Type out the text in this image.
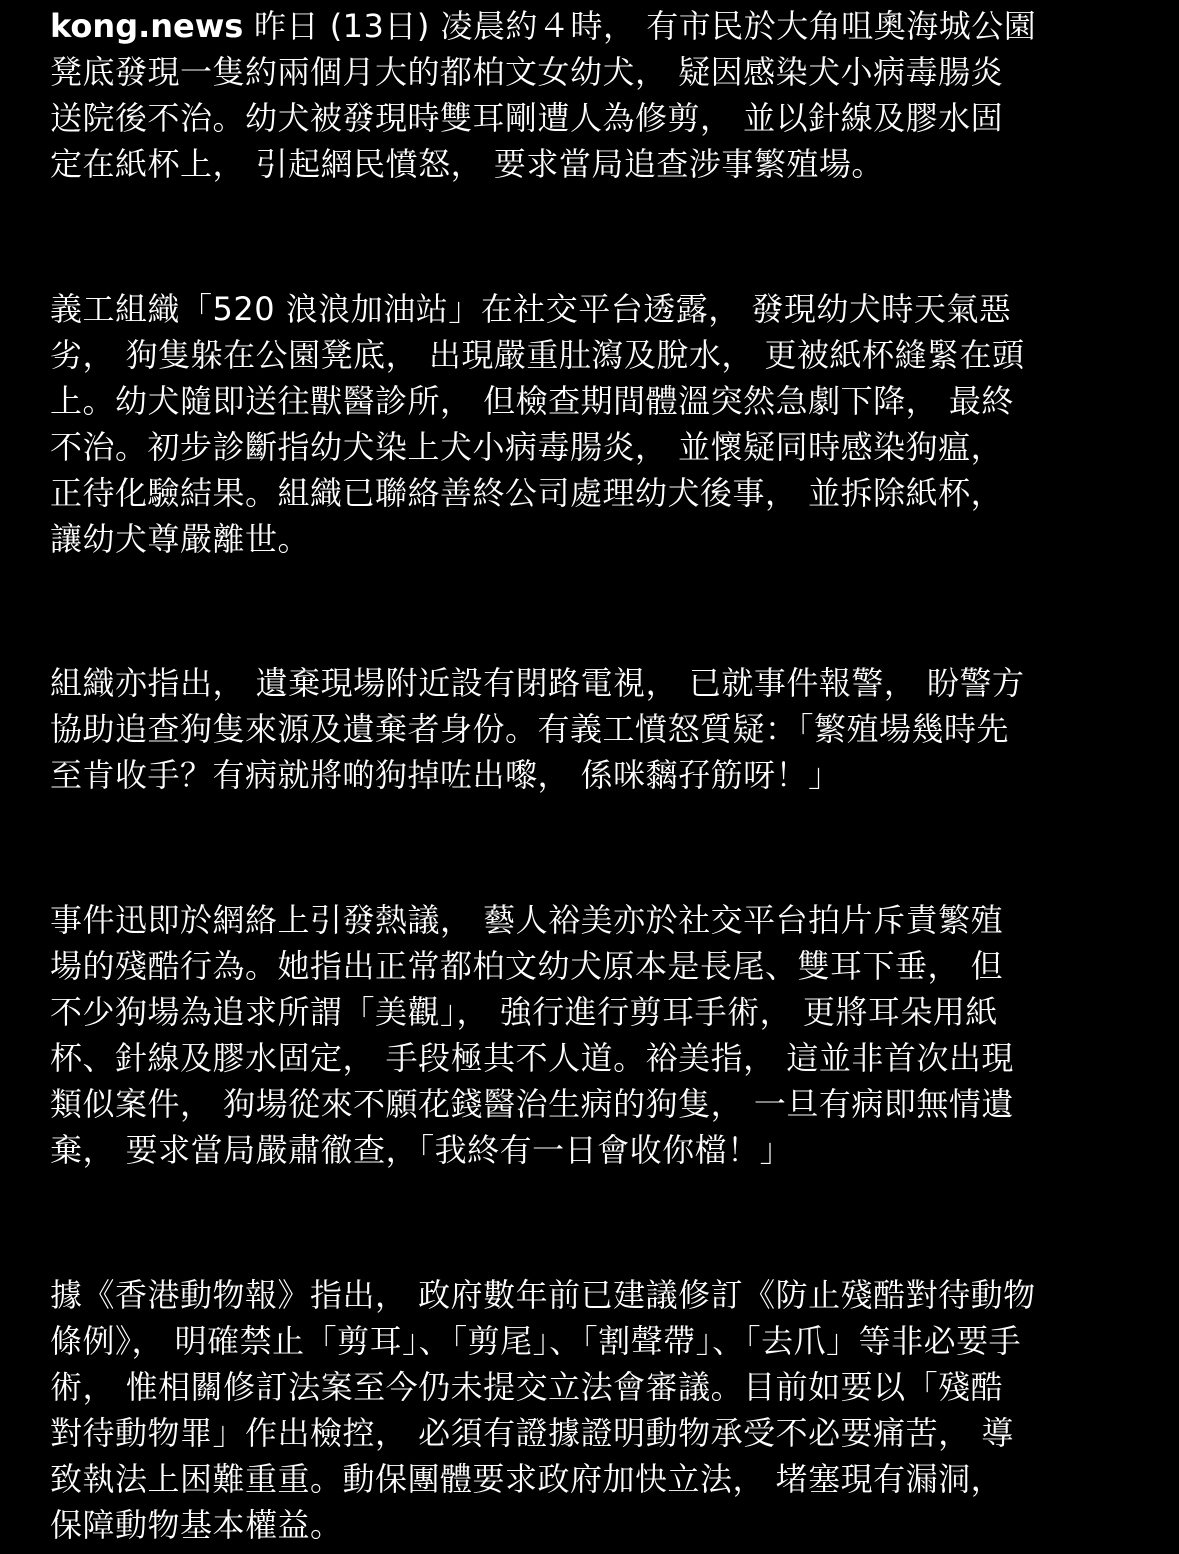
kong.news 昨日 (13日) 凌晨約４時， 有市民於大角咀奧海城公園
凳底發現一隻約兩個月大的都柏文女幼犬， 疑因感染犬小病毒腸炎
送院後不治。幼犬被發現時雙耳剛遭人為修剪， 並以針線及膠水固
定在紙杯上， 引起網民憤怒， 要求當局追查涉事繁殖場。
義工組織「520 浪浪加油站」在社交平台透露， 發現幼犬時天氣惡
劣， 狗隻躲在公園凳底， 出現嚴重肚瀉及脫水， 更被紙杯縫緊在頭
上。幼犬隨即送往獸醫診所， 但檢查期間體溫突然急劇下降， 最終
不治。初步診斷指幼犬染上犬小病毒腸炎， 並懷疑同時感染狗瘟，
正待化驗結果。組織已聯絡善終公司處理幼犬後事， 並拆除紙杯，
讓幼犬尊嚴離世。
組織亦指出， 遺棄現場附近設有閉路電視， 已就事件報警， 盼警方
協助追查狗隻來源及遺棄者身份。有義工憤怒質疑：「繁殖場幾時先
至肯收手？有病就將啲狗掉咗出嚟， 係咪黐孖筋呀！」
事件迅即於網絡上引發熱議， 藝人裕美亦於社交平台拍片斥責繁殖
場的殘酷行為。她指出正常都柏文幼犬原本是長尾、雙耳下垂， 但
不少狗場為追求所謂「美觀」， 強行進行剪耳手術， 更將耳朵用紙
杯、針線及膠水固定， 手段極其不人道。裕美指， 這並非首次出現
類似案件， 狗場從來不願花錢醫治生病的狗隻， 一旦有病即無情遺
棄， 要求當局嚴肅徹查，「我終有一日會收你檔！」
據《香港動物報》指出， 政府數年前已建議修訂《防止殘酷對待動物
條例》， 明確禁止「剪耳」、「剪尾」、「割聲帶」、「去爪」等非必要手
術， 惟相關修訂法案至今仍未提交立法會審議。目前如要以「殘酷
對待動物罪」作出檢控， 必須有證據證明動物承受不必要痛苦， 導
致執法上困難重重。動保團體要求政府加快立法， 堵塞現有漏洞，
保障動物基本權益。
